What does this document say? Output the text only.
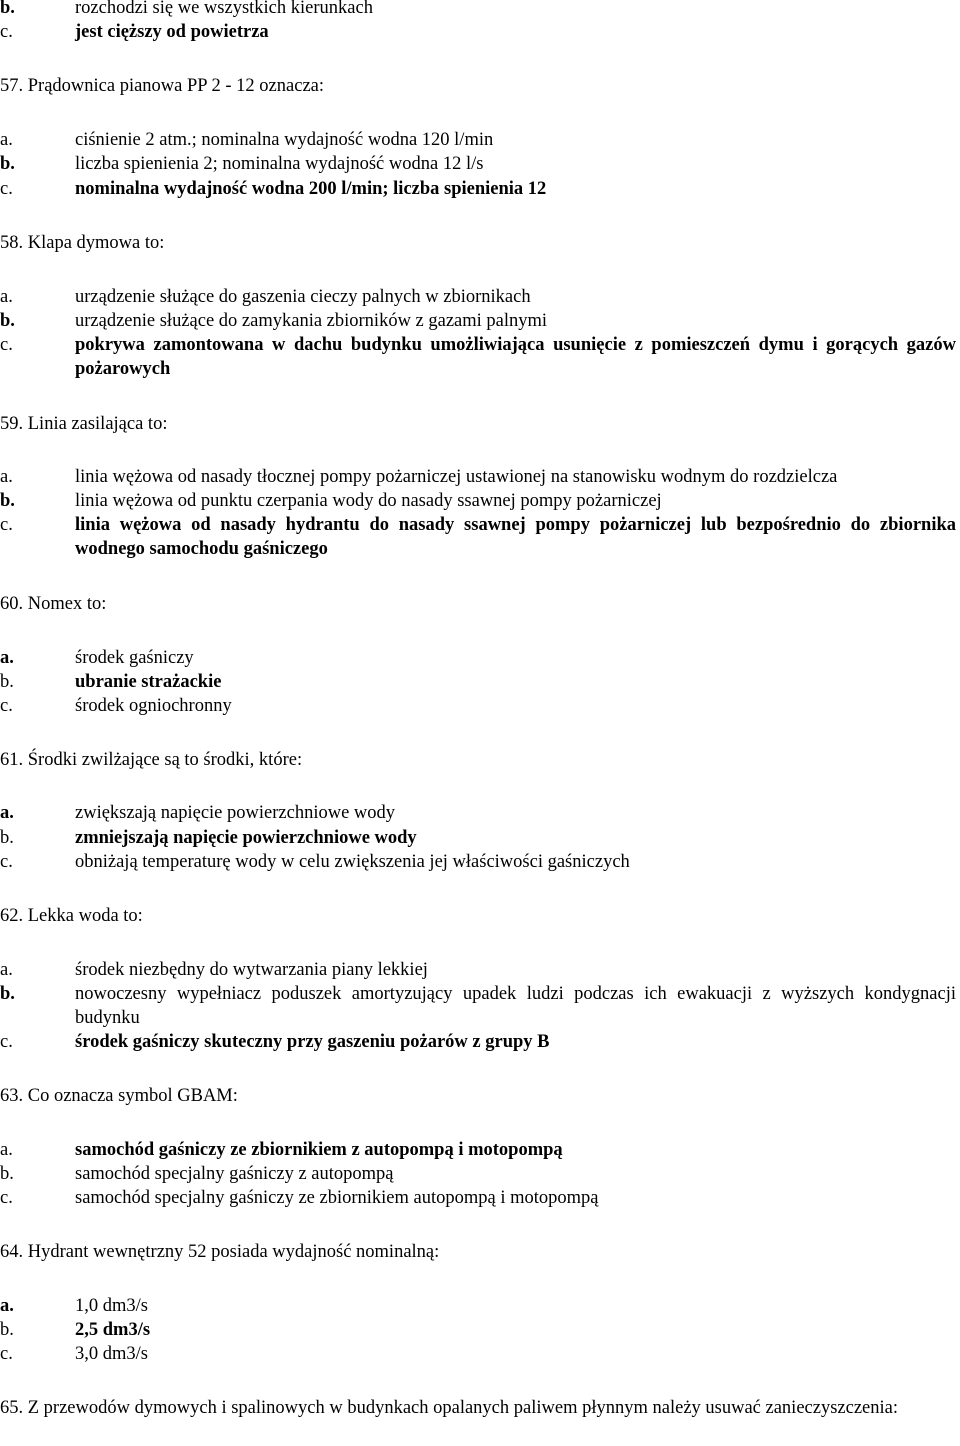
b.	rozchodzi się we wszystkich kierunkach
c.	jest cięższy od powietrza
57. Prądownica pianowa PP 2 - 12 oznacza:
a.	ciśnienie 2 atm.; nominalna wydajność wodna 120 l/min
b.	liczba spienienia 2; nominalna wydajność wodna 12 l/s
c.	nominalna wydajność wodna 200 l/min; liczba spienienia 12
58. Klapa dymowa to:
a.	urządzenie służące do gaszenia cieczy palnych w zbiornikach
b.	urządzenie służące do zamykania zbiorników z gazami palnymi
c.	pokrywa zamontowana w dachu budynku umożliwiająca usunięcie z pomieszczeń dymu i gorących gazów pożarowych
59. Linia zasilająca to:
a.	linia wężowa od nasady tłocznej pompy pożarniczej ustawionej na stanowisku wodnym do rozdzielcza
b.	linia wężowa od punktu czerpania wody do nasady ssawnej pompy pożarniczej
c.	linia wężowa od nasady hydrantu do nasady ssawnej pompy pożarniczej lub bezpośrednio do zbiornika wodnego samochodu gaśniczego
60. Nomex to:
a.	środek gaśniczy
b.	ubranie strażackie
c.	środek ogniochronny
61. Środki zwilżające są to środki, które:
a.	zwiększają napięcie powierzchniowe wody
b.	zmniejszają napięcie powierzchniowe wody
c.	obniżają temperaturę wody w celu zwiększenia jej właściwości gaśniczych
62. Lekka woda to:
a.	środek niezbędny do wytwarzania piany lekkiej
b.	nowoczesny wypełniacz poduszek amortyzujący upadek ludzi podczas ich ewakuacji z wyższych kondygnacji budynku
c.	środek gaśniczy skuteczny przy gaszeniu pożarów z grupy B
63. Co oznacza symbol GBAM:
a.	samochód gaśniczy ze zbiornikiem z autopompą i motopompą
b.	samochód specjalny gaśniczy z autopompą
c.	samochód specjalny gaśniczy ze zbiornikiem autopompą i motopompą
64. Hydrant wewnętrzny 52 posiada wydajność nominalną:
a.	1,0 dm3/s
b.	2,5 dm3/s
c.	3,0 dm3/s
65. Z przewodów dymowych i spalinowych w budynkach opalanych paliwem płynnym należy usuwać zanieczyszczenia:
